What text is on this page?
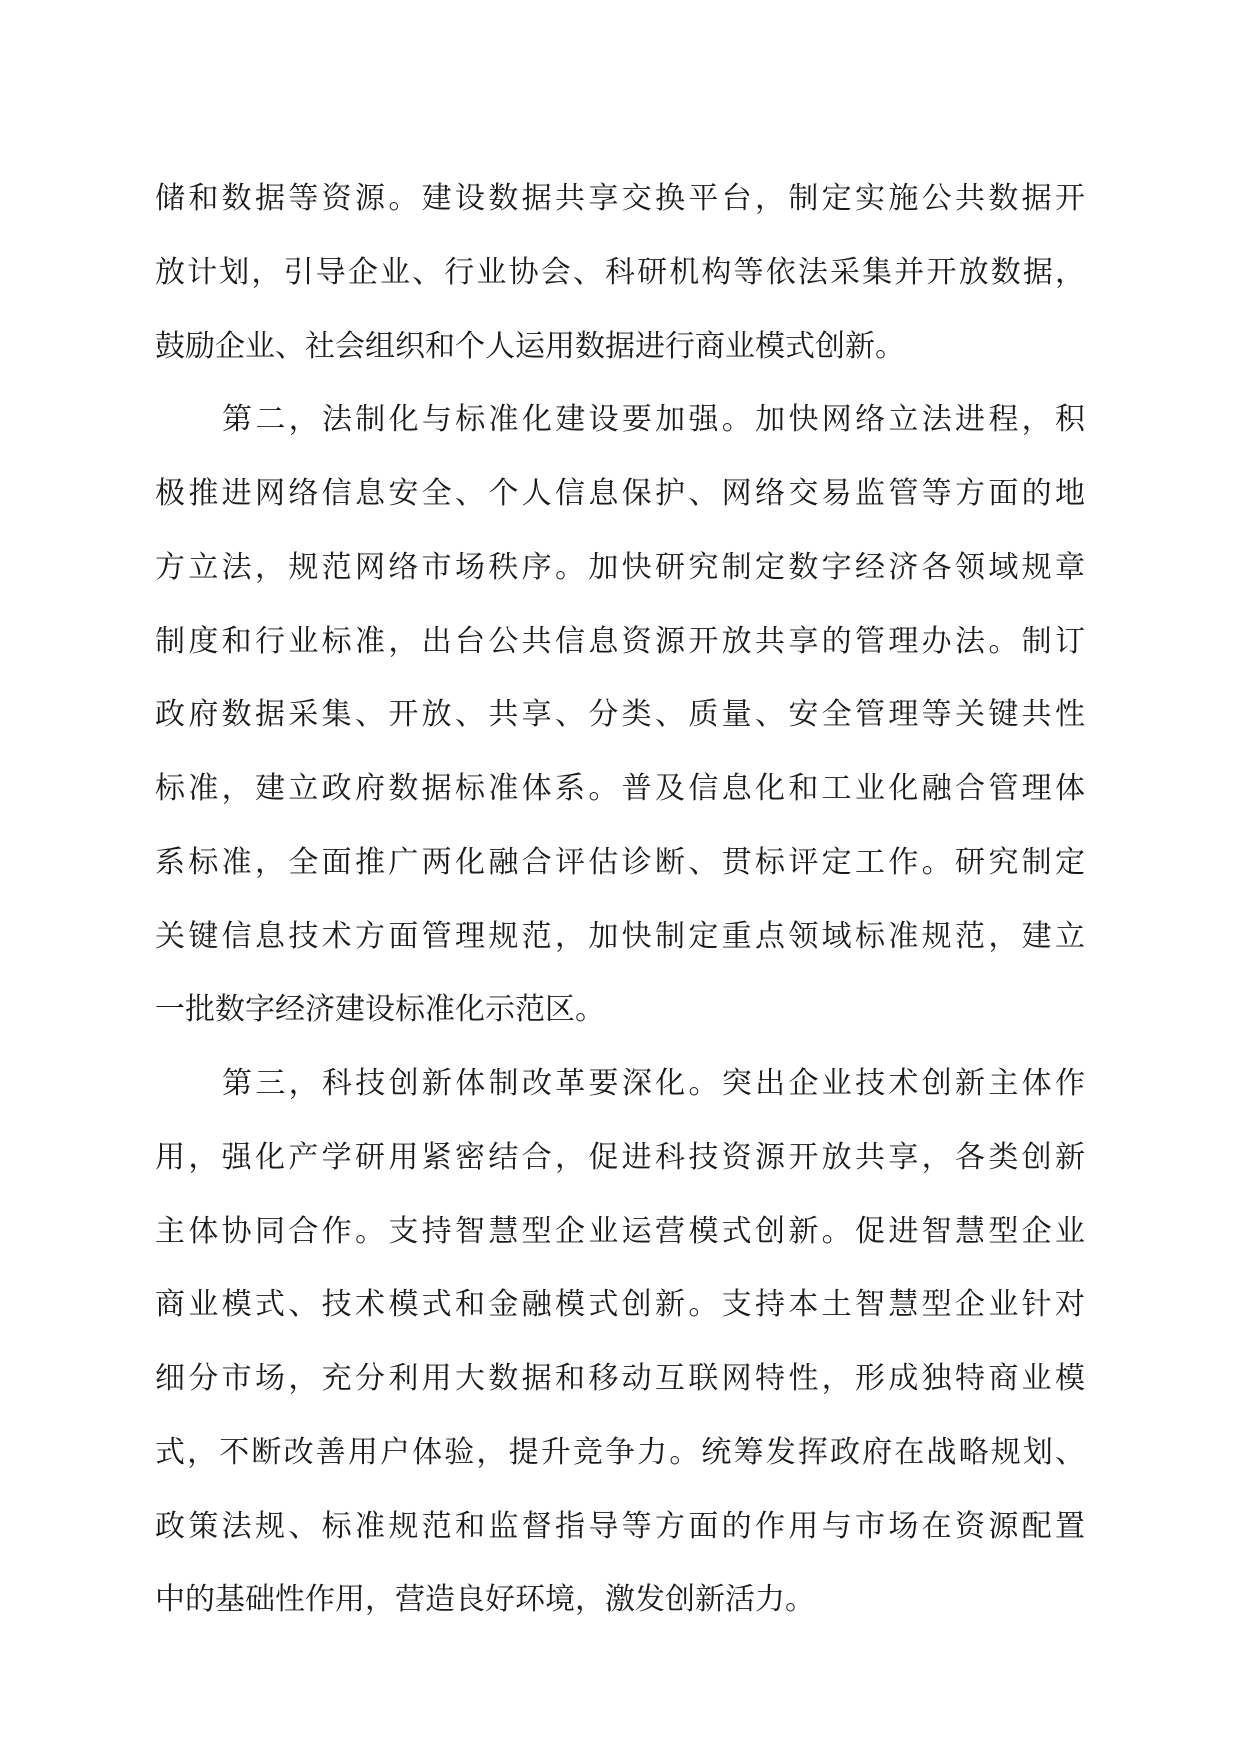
储和数据等资源。建设数据共享交换平台，制定实施公共数据开
放计划，引导企业、行业协会、科研机构等依法采集并开放数据，
鼓励企业、社会组织和个人运用数据进行商业模式创新。
第二，法制化与标准化建设要加强。加快网络立法进程，积
极推进网络信息安全、个人信息保护、网络交易监管等方面的地
方立法，规范网络市场秩序。加快研究制定数字经济各领域规章
制度和行业标准，出台公共信息资源开放共享的管理办法。制订
政府数据采集、开放、共享、分类、质量、安全管理等关键共性
标准，建立政府数据标准体系。普及信息化和工业化融合管理体
系标准，全面推广两化融合评估诊断、贯标评定工作。研究制定
关键信息技术方面管理规范，加快制定重点领域标准规范，建立
一批数字经济建设标准化示范区。
第三，科技创新体制改革要深化。突出企业技术创新主体作
用，强化产学研用紧密结合，促进科技资源开放共享，各类创新
主体协同合作。支持智慧型企业运营模式创新。促进智慧型企业
商业模式、技术模式和金融模式创新。支持本土智慧型企业针对
细分市场，充分利用大数据和移动互联网特性，形成独特商业模
式，不断改善用户体验，提升竞争力。统筹发挥政府在战略规划、
政策法规、标准规范和监督指导等方面的作用与市场在资源配置
中的基础性作用，营造良好环境，激发创新活力。
